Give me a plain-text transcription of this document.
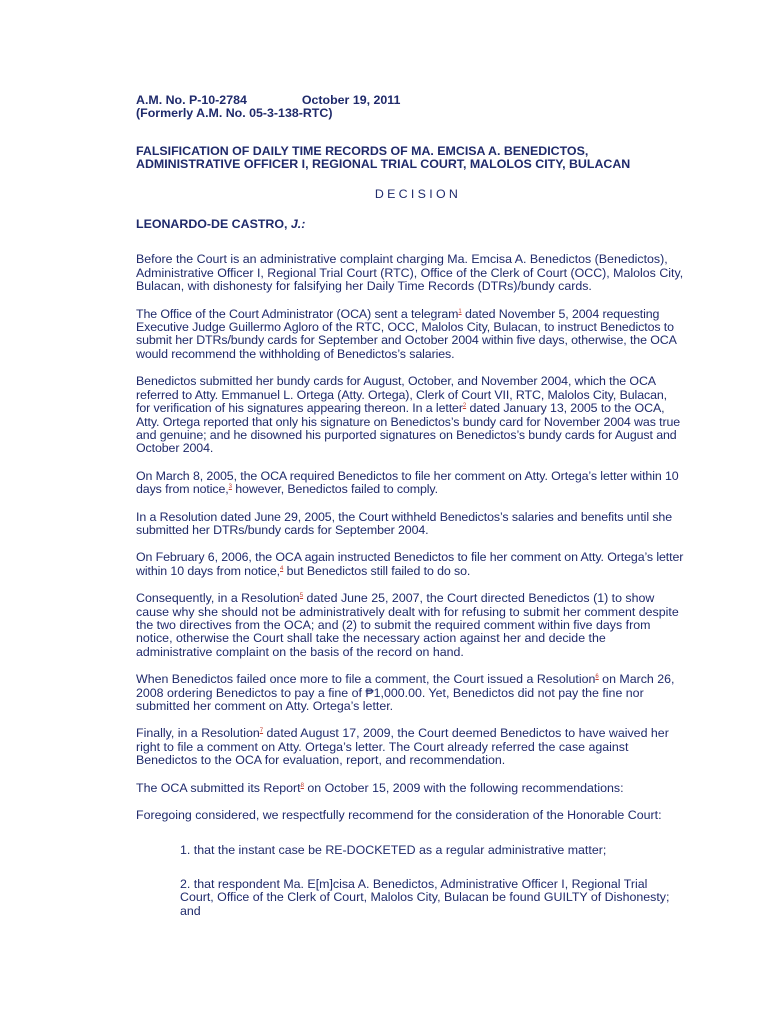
A.M. No. P-10-2784	October 19, 2011

(Formerly A.M. No. 05-3-138-RTC)

FALSIFICATION OF DAILY TIME RECORDS OF MA. EMCISA A. BENEDICTOS,
ADMINISTRATIVE OFFICER I, REGIONAL TRIAL COURT, MALOLOS CITY, BULACAN

DECISION

LEONARDO-DE CASTRO, J.:

Before the Court is an administrative complaint charging Ma. Emcisa A. Benedictos (Benedictos), Administrative Officer I, Regional Trial Court (RTC), Office of the Clerk of Court (OCC), Malolos City, Bulacan, with dishonesty for falsifying her Daily Time Records (DTRs)/bundy cards.

The Office of the Court Administrator (OCA) sent a telegram$^1$ dated November 5, 2004 requesting Executive Judge Guillermo Agloro of the RTC, OCC, Malolos City, Bulacan, to instruct Benedictos to submit her DTRs/bundy cards for September and October 2004 within five days, otherwise, the OCA would recommend the withholding of Benedictos’s salaries.

Benedictos submitted her bundy cards for August, October, and November 2004, which the OCA referred to Atty. Emmanuel L. Ortega (Atty. Ortega), Clerk of Court VII, RTC, Malolos City, Bulacan, for verification of his signatures appearing thereon. In a letter$^2$ dated January 13, 2005 to the OCA, Atty. Ortega reported that only his signature on Benedictos’s bundy card for November 2004 was true and genuine; and he disowned his purported signatures on Benedictos’s bundy cards for August and October 2004.

On March 8, 2005, the OCA required Benedictos to file her comment on Atty. Ortega’s letter within 10 days from notice,$^3$ however, Benedictos failed to comply.

In a Resolution dated June 29, 2005, the Court withheld Benedictos’s salaries and benefits until she submitted her DTRs/bundy cards for September 2004.

On February 6, 2006, the OCA again instructed Benedictos to file her comment on Atty. Ortega’s letter within 10 days from notice,$^4$ but Benedictos still failed to do so.

Consequently, in a Resolution$^5$ dated June 25, 2007, the Court directed Benedictos (1) to show cause why she should not be administratively dealt with for refusing to submit her comment despite the two directives from the OCA; and (2) to submit the required comment within five days from notice, otherwise the Court shall take the necessary action against her and decide the administrative complaint on the basis of the record on hand.

When Benedictos failed once more to file a comment, the Court issued a Resolution$^6$ on March 26, 2008 ordering Benedictos to pay a fine of ₱1,000.00. Yet, Benedictos did not pay the fine nor submitted her comment on Atty. Ortega’s letter.

Finally, in a Resolution$^7$ dated August 17, 2009, the Court deemed Benedictos to have waived her right to file a comment on Atty. Ortega’s letter. The Court already referred the case against Benedictos to the OCA for evaluation, report, and recommendation.

The OCA submitted its Report$^8$ on October 15, 2009 with the following recommendations:

Foregoing considered, we respectfully recommend for the consideration of the Honorable Court:

1. that the instant case be RE-DOCKETED as a regular administrative matter;

2. that respondent Ma. E[m]cisa A. Benedictos, Administrative Officer I, Regional Trial Court, Office of the Clerk of Court, Malolos City, Bulacan be found GUILTY of Dishonesty; and
